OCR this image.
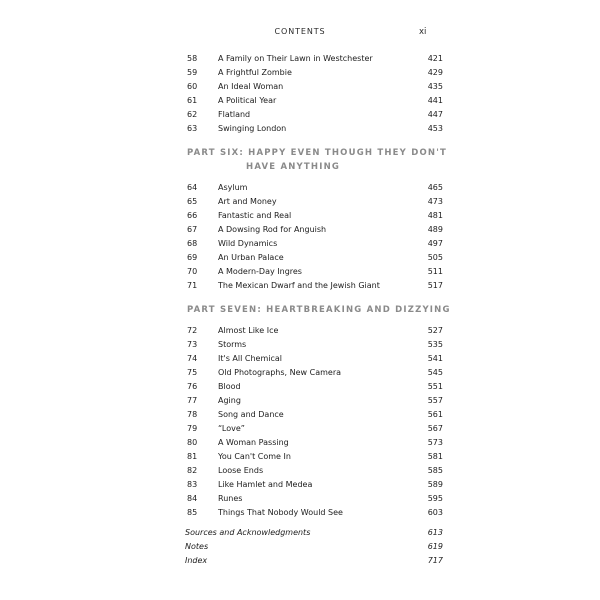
CONTENTS	xi
58	A Family on Their Lawn in Westchester	421
59	A Frightful Zombie	429
60	An Ideal Woman	435
61	A Political Year	441
62	Flatland	447
63	Swinging London	453
PART SIX: HAPPY EVEN THOUGH THEY DON'T
HAVE ANYTHING
64	Asylum	465
65	Art and Money	473
66	Fantastic and Real	481
67	A Dowsing Rod for Anguish	489
68	Wild Dynamics	497
69	An Urban Palace	505
70	A Modern-Day Ingres	511
71	The Mexican Dwarf and the Jewish Giant	517
PART SEVEN: HEARTBREAKING AND DIZZYING
72	Almost Like Ice	527
73	Storms	535
74	It's All Chemical	541
75	Old Photographs, New Camera	545
76	Blood	551
77	Aging	557
78	Song and Dance	561
79	“Love”	567
80	A Woman Passing	573
81	You Can't Come In	581
82	Loose Ends	585
83	Like Hamlet and Medea	589
84	Runes	595
85	Things That Nobody Would See	603
Sources and Acknowledgments	613
Notes	619
Index	717
